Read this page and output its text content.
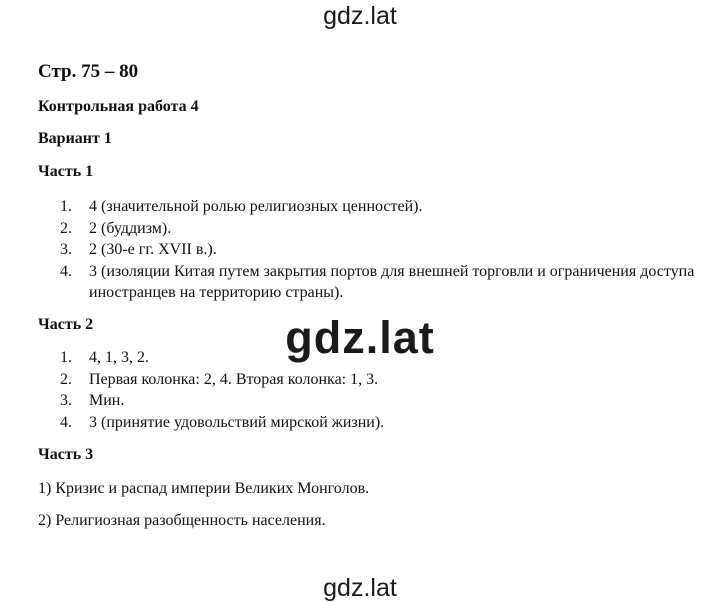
gdz.lat
Стр. 75 – 80
Контрольная работа 4
Вариант 1
Часть 1
1. 4 (значительной ролью религиозных ценностей).
2. 2 (буддизм).
3. 2 (30-е гг. XVII в.).
4. 3 (изоляции Китая путем закрытия портов для внешней торговли и ограничения доступа иностранцев на территорию страны).
Часть 2
1. 4, 1, 3, 2.
2. Первая колонка: 2, 4. Вторая колонка: 1, 3.
3. Мин.
4. 3 (принятие удовольствий мирской жизни).
gdz.lat
Часть 3
1) Кризис и распад империи Великих Монголов.
2) Религиозная разобщенность населения.
gdz.lat
